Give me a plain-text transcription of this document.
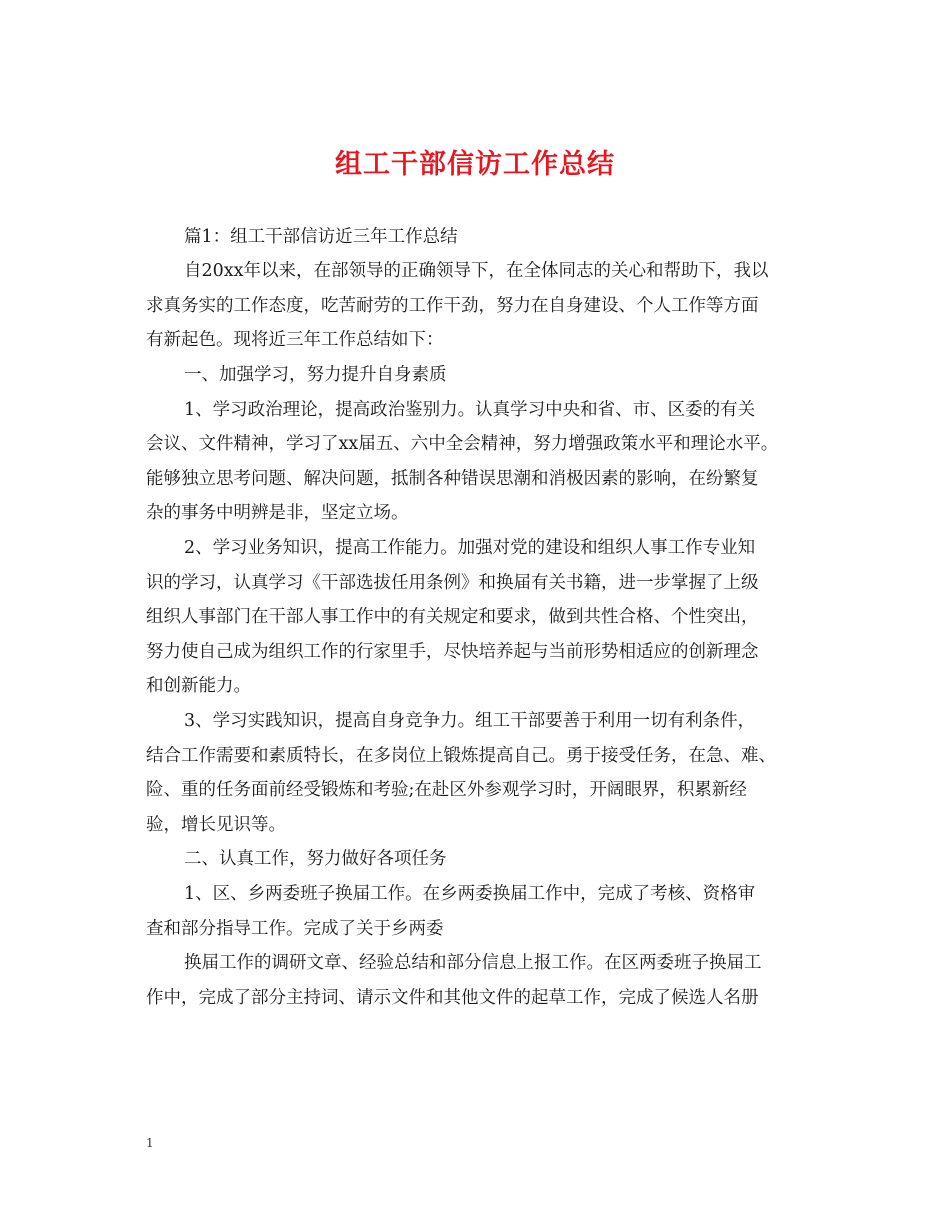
组工干部信访工作总结
篇1：组工干部信访近三年工作总结
自20xx年以来，在部领导的正确领导下，在全体同志的关心和帮助下，我以
求真务实的工作态度，吃苦耐劳的工作干劲，努力在自身建设、个人工作等方面
有新起色。现将近三年工作总结如下：
一、加强学习，努力提升自身素质
1、学习政治理论，提高政治鉴别力。认真学习中央和省、市、区委的有关
会议、文件精神，学习了xx届五、六中全会精神，努力增强政策水平和理论水平。
能够独立思考问题、解决问题，抵制各种错误思潮和消极因素的影响，在纷繁复
杂的事务中明辨是非，坚定立场。
2、学习业务知识，提高工作能力。加强对党的建设和组织人事工作专业知
识的学习，认真学习《干部选拔任用条例》和换届有关书籍，进一步掌握了上级
组织人事部门在干部人事工作中的有关规定和要求，做到共性合格、个性突出，
努力使自己成为组织工作的行家里手，尽快培养起与当前形势相适应的创新理念
和创新能力。
3、学习实践知识，提高自身竞争力。组工干部要善于利用一切有利条件，
结合工作需要和素质特长，在多岗位上锻炼提高自己。勇于接受任务，在急、难、
险、重的任务面前经受锻炼和考验;在赴区外参观学习时，开阔眼界，积累新经
验，增长见识等。
二、认真工作，努力做好各项任务
1、区、乡两委班子换届工作。在乡两委换届工作中，完成了考核、资格审
查和部分指导工作。完成了关于乡两委
换届工作的调研文章、经验总结和部分信息上报工作。在区两委班子换届工
作中，完成了部分主持词、请示文件和其他文件的起草工作，完成了候选人名册
1
